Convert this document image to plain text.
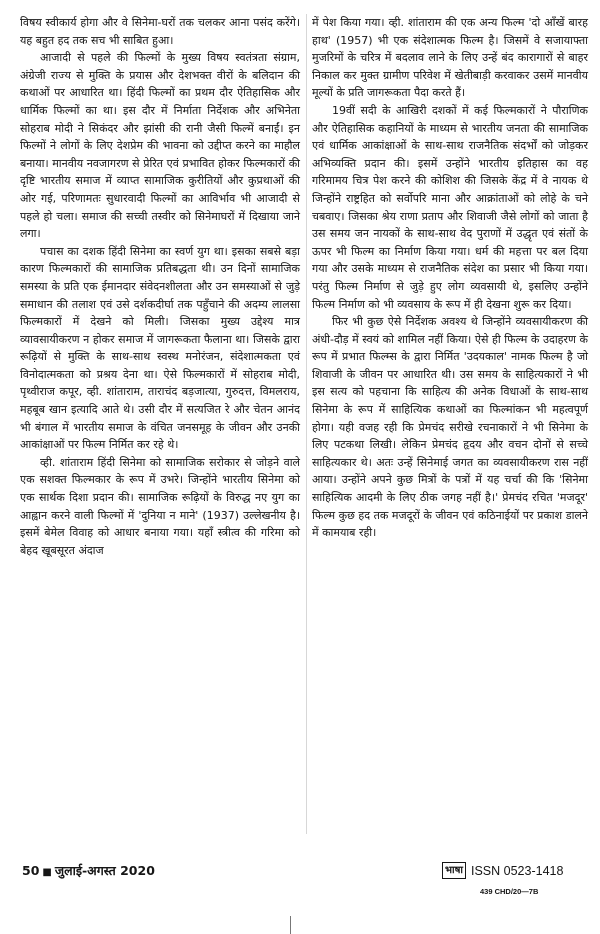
विषय स्वीकार्य होगा और वे सिनेमा-घरों तक चलकर आना पसंद करेंगे। यह बहुत हद तक सच भी साबित हुआ।

आजादी से पहले की फिल्मों के मुख्य विषय स्वतंत्रता संग्राम, अंग्रेजी राज्य से मुक्ति के प्रयास और देशभक्त वीरों के बलिदान की कथाओं पर आधारित था। हिंदी फिल्मों का प्रथम दौर ऐतिहासिक और धार्मिक फिल्मों का था। इस दौर में निर्माता निर्देशक और अभिनेता सोहराब मोदी ने सिकंदर और झांसी की रानी जैसी फिल्में बनाईं। इन फिल्मों ने लोगों के लिए देशप्रेम की भावना को उद्दीप्त करने का माहौल बनाया। मानवीय नवजागरण से प्रेरित एवं प्रभावित होकर फिल्मकारों की दृष्टि भारतीय समाज में व्याप्त सामाजिक कुरीतियों और कुप्रथाओं की ओर गई, परिणामतः सुधारवादी फिल्मों का आविर्भाव भी आजादी से पहले हो चला। समाज की सच्ची तस्वीर को सिनेमाघरों में दिखाया जाने लगा।

पचास का दशक हिंदी सिनेमा का स्वर्ण युग था। इसका सबसे बड़ा कारण फिल्मकारों की सामाजिक प्रतिबद्धता थी। उन दिनों सामाजिक समस्या के प्रति एक ईमानदार संवेदनशीलता और उन समस्याओं से जुड़े समाधान की तलाश एवं उसे दर्शकदीर्घा तक पहुँचाने की अदम्य लालसा फिल्मकारों में देखने को मिली। जिसका मुख्य उद्देश्य मात्र व्यावसायीकरण न होकर समाज में जागरूकता फैलाना था। जिसके द्वारा रूढ़ियों से मुक्ति के साथ-साथ स्वस्थ मनोरंजन, संदेशात्मकता एवं विनोदात्मकता को प्रश्रय देना था। ऐसे फिल्मकारों में सोहराब मोदी, पृथ्वीराज कपूर, व्ही. शांताराम, ताराचंद बड़जात्या, गुरुदत्त, विमलराय, महबूब खान इत्यादि आते थे। उसी दौर में सत्यजित रे और चेतन आनंद भी बंगाल में भारतीय समाज के वंचित जनसमूह के जीवन और उनकी आकांक्षाओं पर फिल्म निर्मित कर रहे थे।

व्ही. शांताराम हिंदी सिनेमा को सामाजिक सरोकार से जोड़ने वाले एक सशक्त फिल्मकार के रूप में उभरे। जिन्होंने भारतीय सिनेमा को एक सार्थक दिशा प्रदान की। सामाजिक रूढ़ियों के विरुद्ध नए युग का आह्वान करने वाली फिल्मों में 'दुनिया न माने' (1937) उल्लेखनीय है। इसमें बेमेल विवाह को आधार बनाया गया। यहाँ स्त्रीत्व की गरिमा को बेहद खूबसूरत अंदाज

में पेश किया गया। व्ही. शांताराम की एक अन्य फिल्म 'दो आँखें बारह हाथ' (1957) भी एक संदेशात्मक फिल्म है। जिसमें वे सजायाफ्ता मुजरिमों के चरित्र में बदलाव लाने के लिए उन्हें बंद कारागारों से बाहर निकाल कर मुक्त ग्रामीण परिवेश में खेतीबाड़ी करवाकर उसमें मानवीय मूल्यों के प्रति जागरूकता पैदा करते हैं।

19वीं सदी के आखिरी दशकों में कई फिल्मकारों ने पौराणिक और ऐतिहासिक कहानियों के माध्यम से भारतीय जनता की सामाजिक एवं धार्मिक आकांक्षाओं के साथ-साथ राजनैतिक संदर्भों को जोड़कर अभिव्यक्ति प्रदान की। इसमें उन्होंने भारतीय इतिहास का वह गरिमामय चित्र पेश करने की कोशिश की जिसके केंद्र में वे नायक थे जिन्होंने राष्ट्रहित को सर्वोपरि माना और आक्रांताओं को लोहे के चने चबवाए। जिसका श्रेय राणा प्रताप और शिवाजी जैसे लोगों को जाता है उस समय जन नायकों के साथ-साथ वेद पुराणों में उद्धृत एवं संतों के ऊपर भी फिल्म का निर्माण किया गया। धर्म की महत्ता पर बल दिया गया और उसके माध्यम से राजनैतिक संदेश का प्रसार भी किया गया। परंतु फिल्म निर्माण से जुड़े हुए लोग व्यवसायी थे, इसलिए उन्होंने फिल्म निर्माण को भी व्यवसाय के रूप में ही देखना शुरू कर दिया।

फिर भी कुछ ऐसे निर्देशक अवश्य थे जिन्होंने व्यवसायीकरण की अंधी-दौड़ में स्वयं को शामिल नहीं किया। ऐसे ही फिल्म के उदाहरण के रूप में प्रभात फिल्म्स के द्वारा निर्मित 'उदयकाल' नामक फिल्म है जो शिवाजी के जीवन पर आधारित थी। उस समय के साहित्यकारों ने भी इस सत्य को पहचाना कि साहित्य की अनेक विधाओं के साथ-साथ सिनेमा के रूप में साहित्यिक कथाओं का फिल्मांकन भी महत्वपूर्ण होगा। यही वजह रही कि प्रेमचंद सरीखे रचनाकारों ने भी सिनेमा के लिए पटकथा लिखी। लेकिन प्रेमचंद हृदय और वचन दोनों से सच्चे साहित्यकार थे। अतः उन्हें सिनेमाई जगत का व्यवसायीकरण रास नहीं आया। उन्होंने अपने कुछ मित्रों के पत्रों में यह चर्चा की कि 'सिनेमा साहित्यिक आदमी के लिए ठीक जगह नहीं है।' प्रेमचंद रचित 'मजदूर' फिल्म कुछ हद तक मजदूरों के जीवन एवं कठिनाईयों पर प्रकाश डालने में कामयाब रही।

50 ■ जुलाई-अगस्त 2020	भाषा ISSN 0523-1418
439 CHD/20—7B
